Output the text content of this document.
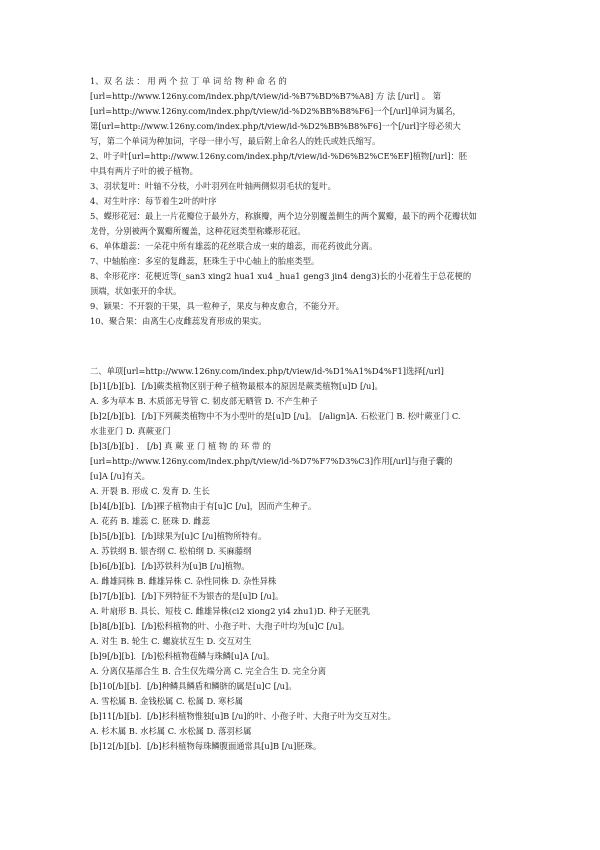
1、双 名 法 ： 用 两 个 拉 丁 单 词 给 物 种 命 名 的
[url=http://www.126ny.com/index.php/t/view/id-%B7%BD%B7%A8] 方 法 [/url] 。 第
[url=http://www.126ny.com/index.php/t/view/id-%D2%BB%B8%F6]一个[/url]单词为属名，
第[url=http://www.126ny.com/index.php/t/view/id-%D2%BB%B8%F6]一个[/url]字母必须大
写，第二个单词为种加词，字母一律小写，最后附上命名人的姓氏或姓氏缩写。
2、叶子叶[url=http://www.126ny.com/index.php/t/view/id-%D6%B2%CE%EF]植物[/url]：胚
中具有两片子叶的被子植物。
3、羽状复叶：叶轴不分枝，小叶羽列在叶轴两侧似羽毛状的复叶。
4、对生叶序：每节着生2叶的叶序
5、蝶形花冠：最上一片花瓣位于最外方，称旗瓣，两个边分别覆盖侧生的两个翼瓣，最下的两个花瓣状如
龙骨，分别被两个翼瓣所覆盖，这种花冠类型称蝶形花冠。
6、单体雄蕊：一朵花中所有雄蕊的花丝联合成一束的雄蕊，而花药彼此分离。
7、中轴胎座：多室的复雌蕊，胚珠生于中心轴上的胎座类型。
8、伞形花序：花梗近等(_san3 xing2 hua1 xu4 _hua1 geng3 jin4 deng3)长的小花着生于总花梗的
顶端，状如张开的伞状。
9、颖果：不开裂的干果，具一粒种子，果皮与种皮愈合，不能分开。
10、聚合果：由离生心皮雌蕊发育形成的果实。
二、单项[url=http://www.126ny.com/index.php/t/view/id-%D1%A1%D4%F1]选择[/url]
[b]1[/b][b]．[/b]蕨类植物区别于种子植物最根本的原因是蕨类植物[u]D [/u]。
A. 多为草本 B. 木质部无导管 C. 韧皮部无晒管 D. 不产生种子
[b]2[/b][b]．[/b]下列蕨类植物中不为小型叶的是[u]D [/u]。 [/align]A. 石松亚门 B. 松叶蕨亚门 C.
水韭亚门 D. 真蕨亚门
[b]3[/b][b] ． [/b] 真 蕨 亚 门 植 物 的 环 带 的
[url=http://www.126ny.com/index.php/t/view/id-%D7%F7%D3%C3]作用[/url]与孢子囊的
[u]A [/u]有关。
A. 开裂 B. 形成 C. 发育 D. 生长
[b]4[/b][b]．[/b]裸子植物由于有[u]C [/u]，因而产生种子。
A. 花药 B. 雄蕊 C. 胚珠 D. 雌蕊
[b]5[/b][b]．[/b]球果为[u]C [/u]植物所特有。
A. 苏铁纲 B. 银杏纲 C. 松柏纲 D. 买麻藤纲
[b]6[/b][b]．[/b]苏铁科为[u]B [/u]植物。
A. 雌雄同株 B. 雌雄异株 C. 杂性同株 D. 杂性异株
[b]7[/b][b]．[/b]下列特征不为银杏的是[u]D [/u]。
A. 叶扇形 B. 具长、短枝 C. 雌雄异株(ci2 xiong2 yi4 zhu1)D. 种子无胚乳
[b]8[/b][b]．[/b]松科植物的叶、小孢子叶、大孢子叶均为[u]C [/u]。
A. 对生 B. 轮生 C. 螺旋状互生 D. 交互对生
[b]9[/b][b]．[/b]松科植物苞鳞与珠鳞[u]A [/u]。
A. 分离仅基部合生 B. 合生仅先端分离 C. 完全合生 D. 完全分离
[b]10[/b][b]．[/b]种鳞具鳞盾和鳞脐的属是[u]C [/u]。
A. 雪松属 B. 金钱松属 C. 松属 D. 寒杉属
[b]11[/b][b]．[/b]杉科植物惟独[u]B [/u]的叶、小孢子叶、大孢子叶为交互对生。
A. 杉木属 B. 水杉属 C. 水松属 D. 落羽杉属
[b]12[/b][b]．[/b]杉科植物每珠鳞腹面通常具[u]B [/u]胚珠。
